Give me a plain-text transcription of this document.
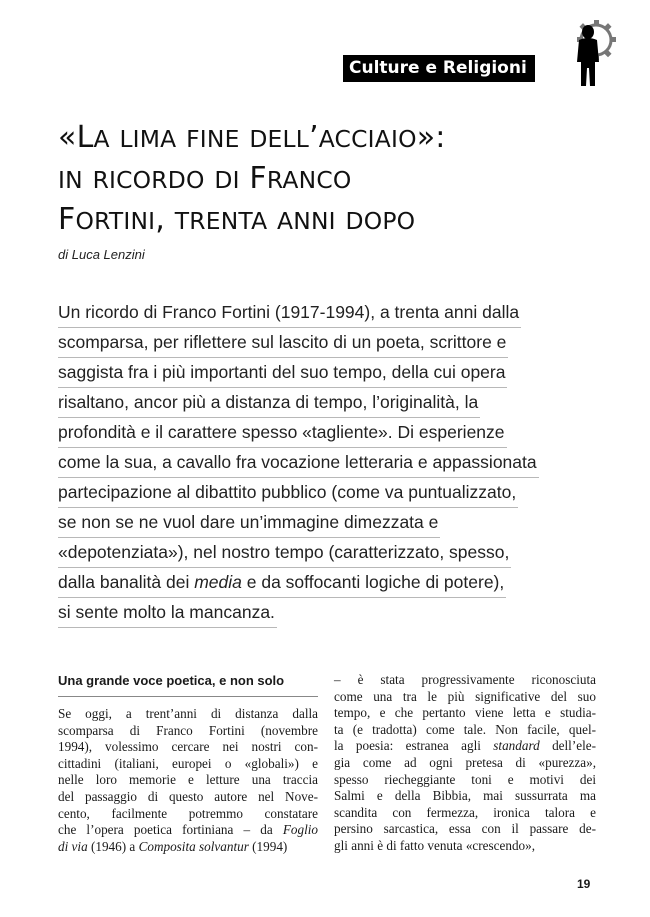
Culture e Religioni
«LA LIMA FINE DELL’ACCIAIO»:
IN RICORDO DI FRANCO
FORTINI, TRENTA ANNI DOPO
di Luca Lenzini
Un ricordo di Franco Fortini (1917-1994), a trenta anni dalla
scomparsa, per riflettere sul lascito di un poeta, scrittore e
saggista fra i più importanti del suo tempo, della cui opera
risaltano, ancor più a distanza di tempo, l’originalità, la
profondità e il carattere spesso «tagliente». Di esperienze
come la sua, a cavallo fra vocazione letteraria e appassionata
partecipazione al dibattito pubblico (come va puntualizzato,
se non se ne vuol dare un’immagine dimezzata e
«depotenziata»), nel nostro tempo (caratterizzato, spesso,
dalla banalità dei media e da soffocanti logiche di potere),
si sente molto la mancanza.
Una grande voce poetica, e non solo
Se oggi, a trent’anni di distanza dalla
scomparsa di Franco Fortini (novembre
1994), volessimo cercare nei nostri con-
cittadini (italiani, europei o «globali») e
nelle loro memorie e letture una traccia
del passaggio di questo autore nel Nove-
cento, facilmente potremmo constatare
che l’opera poetica fortiniana – da Foglio
di via (1946) a Composita solvantur (1994)
– è stata progressivamente riconosciuta
come una tra le più significative del suo
tempo, e che pertanto viene letta e studia-
ta (e tradotta) come tale. Non facile, quel-
la poesia: estranea agli standard dell’ele-
gia come ad ogni pretesa di «purezza»,
spesso riecheggiante toni e motivi dei
Salmi e della Bibbia, mai sussurrata ma
scandita con fermezza, ironica talora e
persino sarcastica, essa con il passare de-
gli anni è di fatto venuta «crescendo»,
19
